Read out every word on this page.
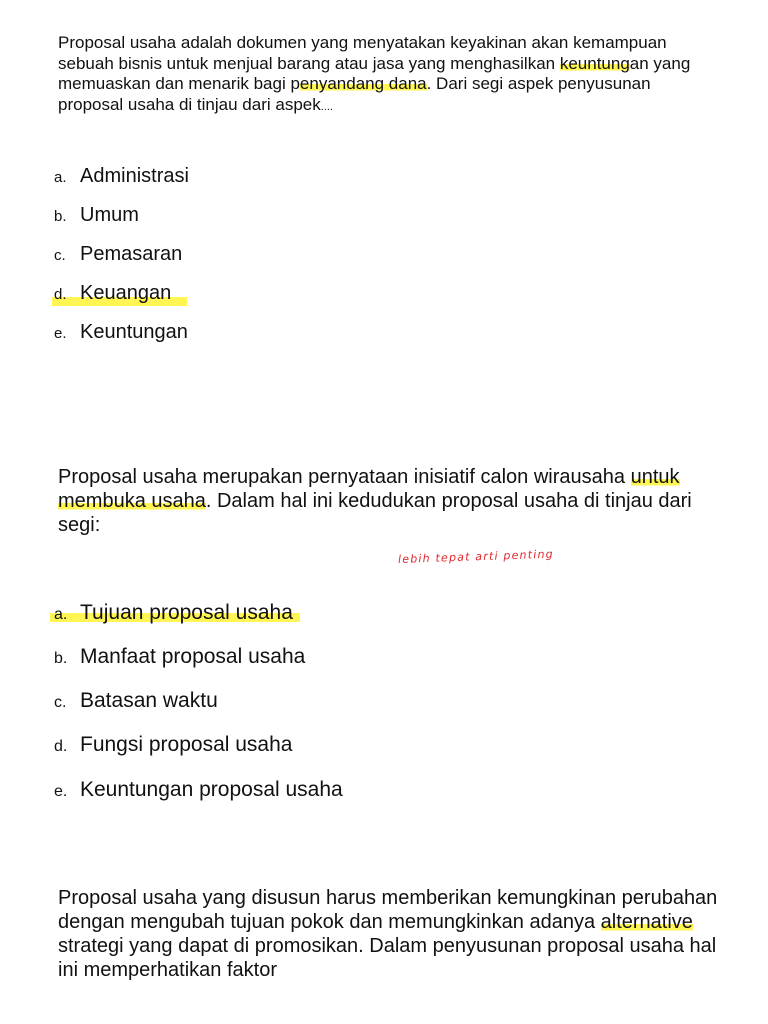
Proposal usaha adalah dokumen yang menyatakan keyakinan akan kemampuan sebuah bisnis untuk menjual barang atau jasa yang menghasilkan keuntungan yang memuaskan dan menarik bagi penyandang dana. Dari segi aspek penyusunan proposal usaha di tinjau dari aspek....

a. Administrasi
b. Umum
c. Pemasaran
d. Keuangan
e. Keuntungan

Proposal usaha merupakan pernyataan inisiatif calon wirausaha untuk membuka usaha. Dalam hal ini kedudukan proposal usaha di tinjau dari segi:

lebih tepat arti penting
a. Tujuan proposal usaha
b. Manfaat proposal usaha
c. Batasan waktu
d. Fungsi proposal usaha
e. Keuntungan proposal usaha

Proposal usaha yang disusun harus memberikan kemungkinan perubahan dengan mengubah tujuan pokok dan memungkinkan adanya alternative strategi yang dapat di promosikan. Dalam penyusunan proposal usaha hal ini memperhatikan faktor
